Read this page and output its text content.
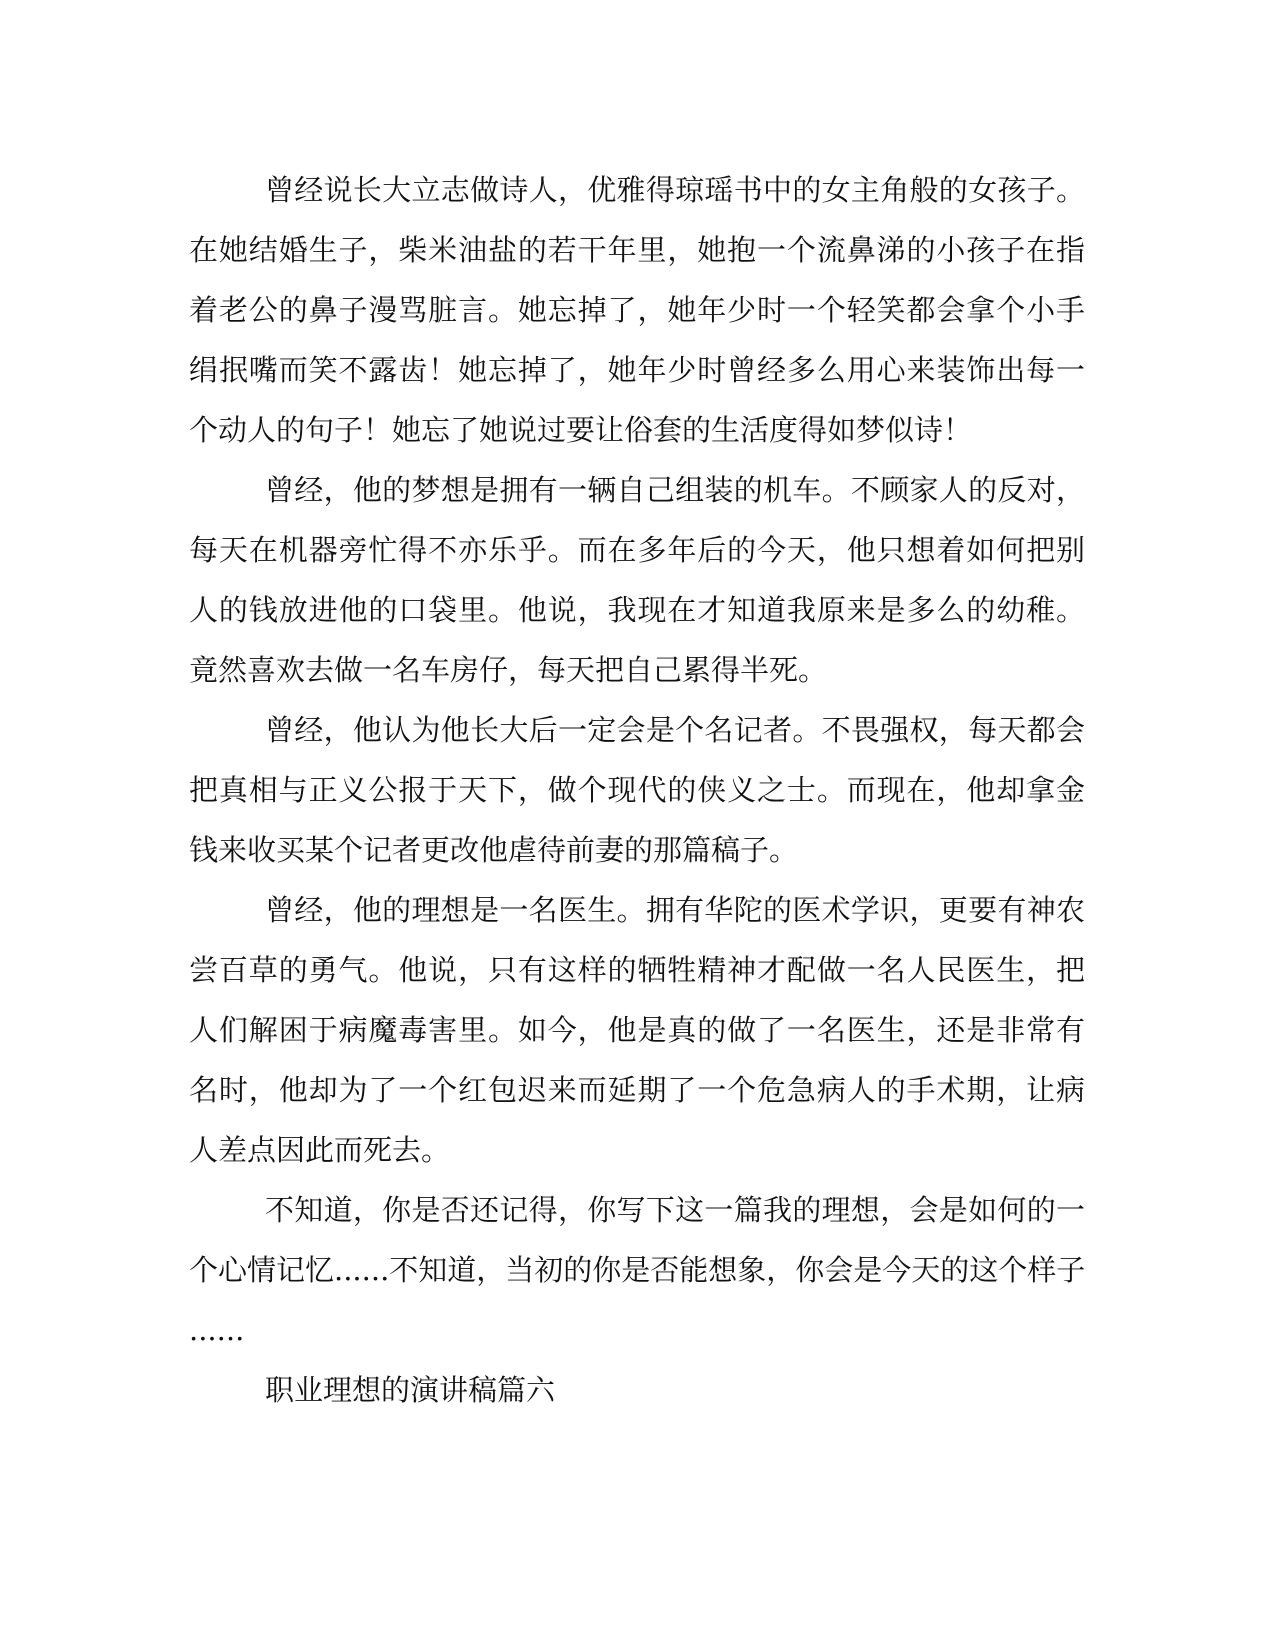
曾经说长大立志做诗人，优雅得琼瑶书中的女主角般的女孩子。
在她结婚生子，柴米油盐的若干年里，她抱一个流鼻涕的小孩子在指
着老公的鼻子漫骂脏言。她忘掉了，她年少时一个轻笑都会拿个小手
绢抿嘴而笑不露齿！她忘掉了，她年少时曾经多么用心来装饰出每一
个动人的句子！她忘了她说过要让俗套的生活度得如梦似诗！
曾经，他的梦想是拥有一辆自己组装的机车。不顾家人的反对，
每天在机器旁忙得不亦乐乎。而在多年后的今天，他只想着如何把别
人的钱放进他的口袋里。他说，我现在才知道我原来是多么的幼稚。
竟然喜欢去做一名车房仔，每天把自己累得半死。
曾经，他认为他长大后一定会是个名记者。不畏强权，每天都会
把真相与正义公报于天下，做个现代的侠义之士。而现在，他却拿金
钱来收买某个记者更改他虐待前妻的那篇稿子。
曾经，他的理想是一名医生。拥有华陀的医术学识，更要有神农
尝百草的勇气。他说，只有这样的牺牲精神才配做一名人民医生，把
人们解困于病魔毒害里。如今，他是真的做了一名医生，还是非常有
名时，他却为了一个红包迟来而延期了一个危急病人的手术期，让病
人差点因此而死去。
不知道，你是否还记得，你写下这一篇我的理想，会是如何的一
个心情记忆......不知道，当初的你是否能想象，你会是今天的这个样子
......
职业理想的演讲稿篇六
